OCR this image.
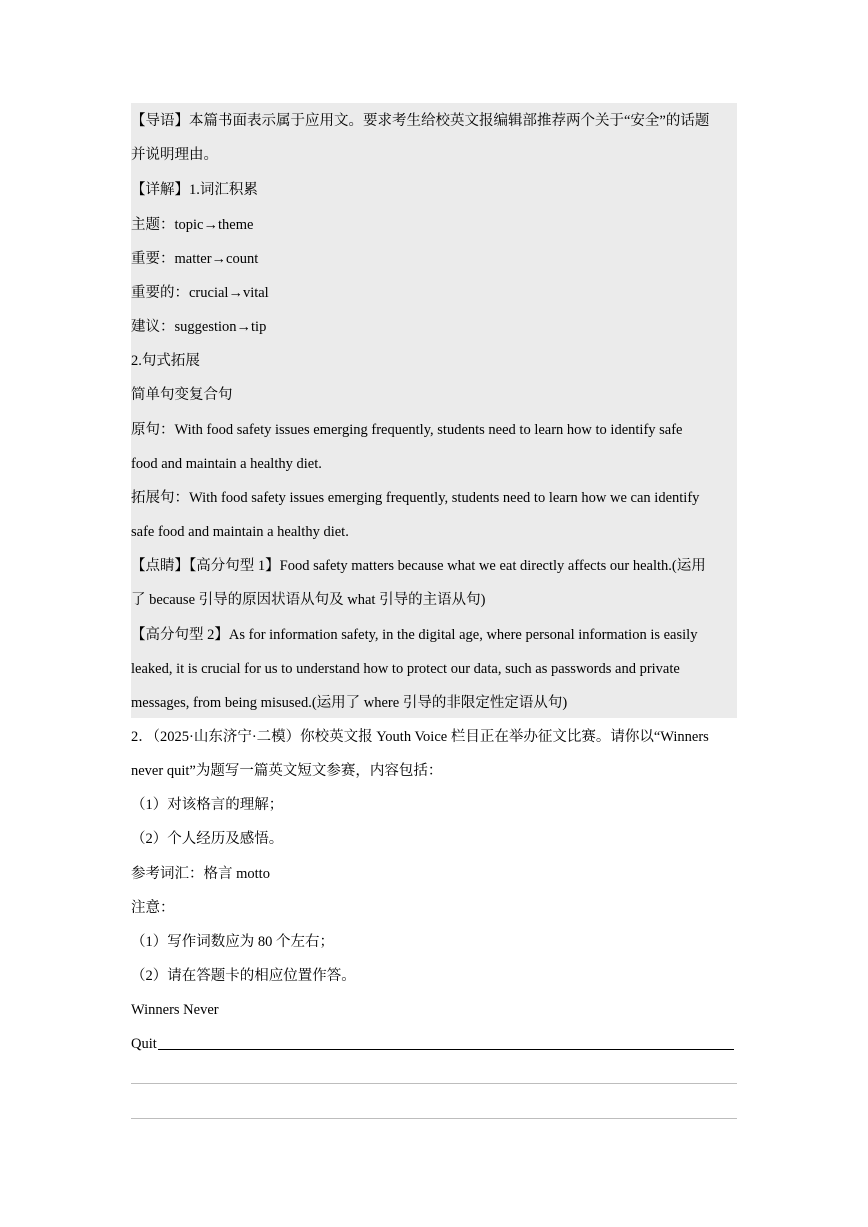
【导语】本篇书面表示属于应用文。要求考生给校英文报编辑部推荐两个关于“安全”的话题
并说明理由。
【详解】1.词汇积累
主题：topic→theme
重要：matter→count
重要的：crucial→vital
建议：suggestion→tip
2.句式拓展
简单句变复合句
原句：With food safety issues emerging frequently, students need to learn how to identify safe
food and maintain a healthy diet.
拓展句：With food safety issues emerging frequently, students need to learn how we can identify
safe food and maintain a healthy diet.
【点睛】【高分句型 1】Food safety matters because what we eat directly affects our health.(运用
了 because 引导的原因状语从句及 what 引导的主语从句)
【高分句型 2】As for information safety, in the digital age, where personal information is easily
leaked, it is crucial for us to understand how to protect our data, such as passwords and private
messages, from being misused.(运用了 where 引导的非限定性定语从句)
2．（2025·山东济宁·二模）你校英文报 Youth Voice 栏目正在举办征文比赛。请你以“Winners
never quit”为题写一篇英文短文参赛，内容包括：
（1）对该格言的理解；
（2）个人经历及感悟。
参考词汇：格言 motto
注意：
（1）写作词数应为 80 个左右；
（2）请在答题卡的相应位置作答。
Winners Never
Quit
